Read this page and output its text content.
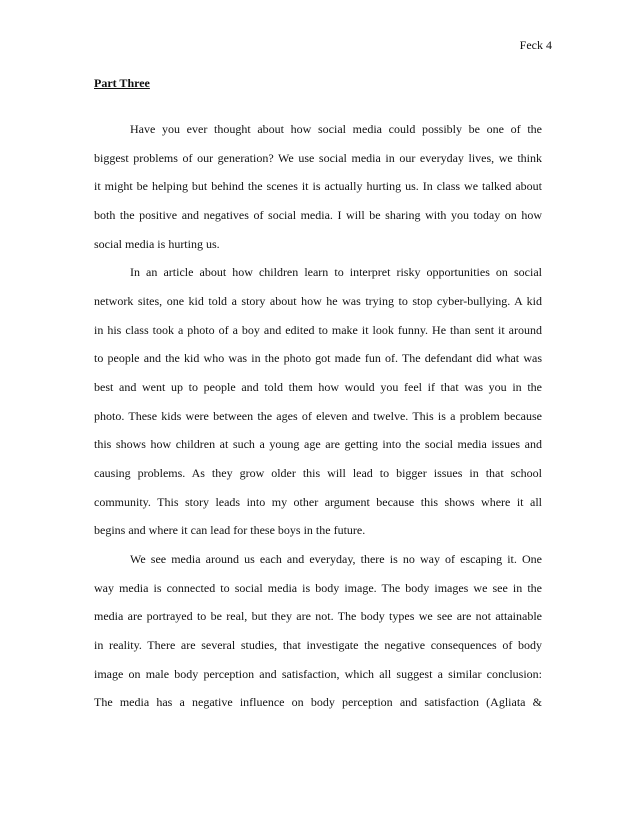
Feck 4
Part Three
Have you ever thought about how social media could possibly be one of the
biggest problems of our generation? We use social media in our everyday lives, we think
it might be helping but behind the scenes it is actually hurting us. In class we talked about
both the positive and negatives of social media. I will be sharing with you today on how
social media is hurting us.
In an article about how children learn to interpret risky opportunities on social
network sites, one kid told a story about how he was trying to stop cyber-bullying. A kid
in his class took a photo of a boy and edited to make it look funny. He than sent it around
to people and the kid who was in the photo got made fun of. The defendant did what was
best and went up to people and told them how would you feel if that was you in the
photo. These kids were between the ages of eleven and twelve. This is a problem because
this shows how children at such a young age are getting into the social media issues and
causing problems. As they grow older this will lead to bigger issues in that school
community. This story leads into my other argument because this shows where it all
begins and where it can lead for these boys in the future.
We see media around us each and everyday, there is no way of escaping it. One
way media is connected to social media is body image. The body images we see in the
media are portrayed to be real, but they are not. The body types we see are not attainable
in reality. There are several studies, that investigate the negative consequences of body
image on male body perception and satisfaction, which all suggest a similar conclusion:
The media has a negative influence on body perception and satisfaction (Agliata &
